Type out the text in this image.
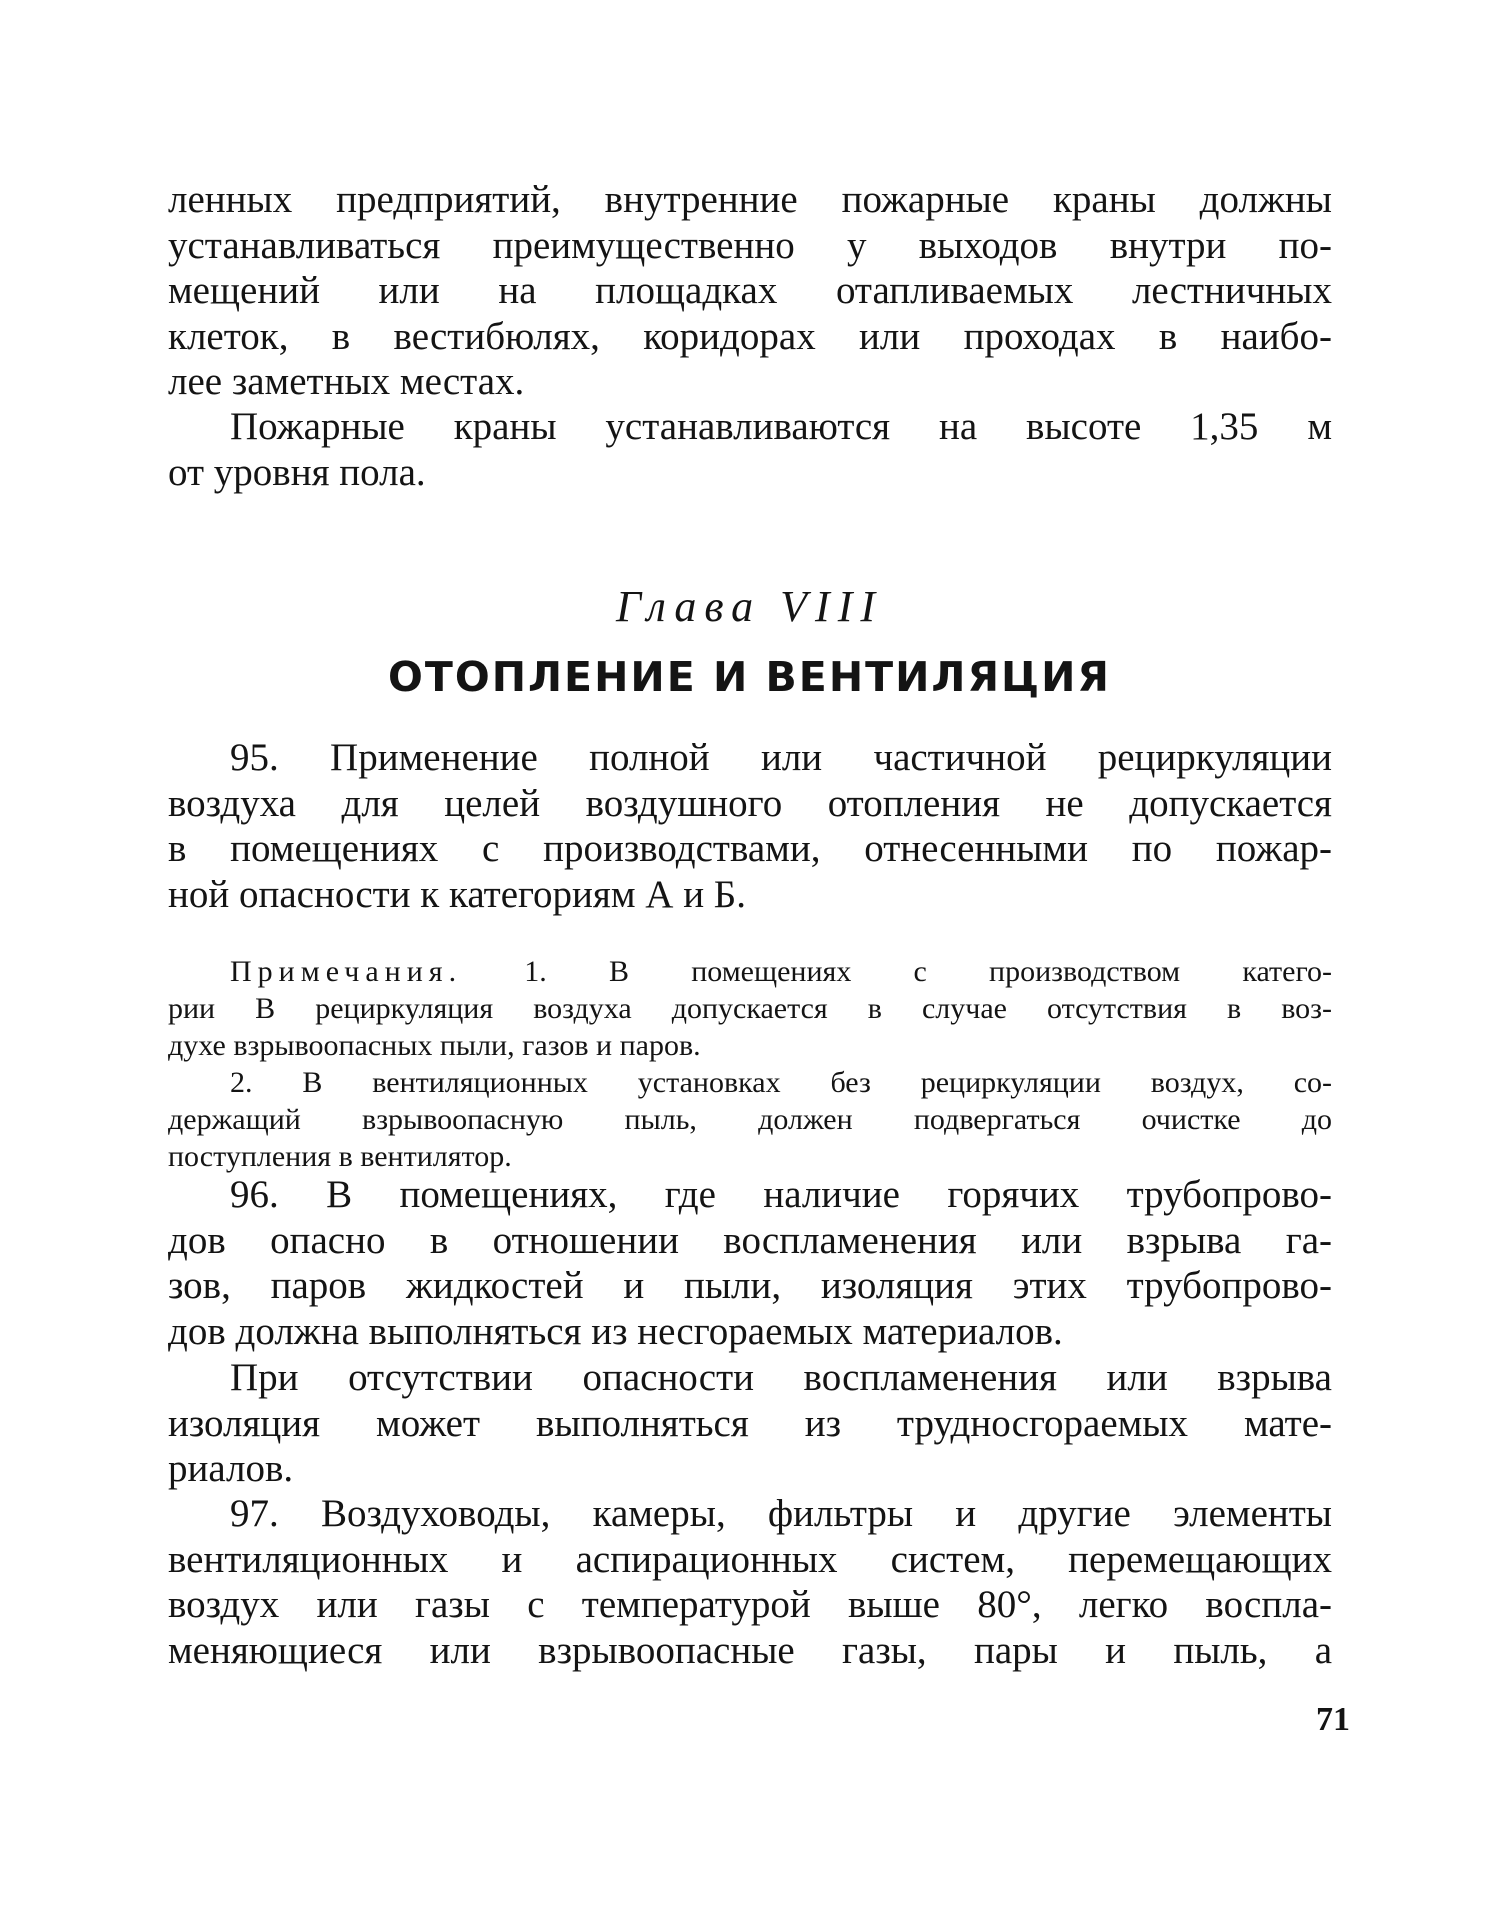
ленных предприятий, внутренние пожарные краны должны
устанавливаться преимущественно у выходов внутри по-
мещений или на площадках отапливаемых лестничных
клеток, в вестибюлях, коридорах или проходах в наибо-
лее заметных местах.
Пожарные краны устанавливаются на высоте 1,35 м
от уровня пола.

Глава VIII

ОТОПЛЕНИЕ И ВЕНТИЛЯЦИЯ

95. Применение полной или частичной рециркуляции
воздуха для целей воздушного отопления не допускается
в помещениях с производствами, отнесенными по пожар-
ной опасности к категориям А и Б.
Примечания. 1. В помещениях с производством катего-
рии В рециркуляция воздуха допускается в случае отсутствия в воз-
духе взрывоопасных пыли, газов и паров.
2. В вентиляционных установках без рециркуляции воздух, со-
держащий взрывоопасную пыль, должен подвергаться очистке до
поступления в вентилятор.
96. В помещениях, где наличие горячих трубопрово-
дов опасно в отношении воспламенения или взрыва га-
зов, паров жидкостей и пыли, изоляция этих трубопрово-
дов должна выполняться из несгораемых материалов.
При отсутствии опасности воспламенения или взрыва
изоляция может выполняться из трудносгораемых мате-
риалов.
97. Воздуховоды, камеры, фильтры и другие элементы
вентиляционных и аспирационных систем, перемещающих
воздух или газы с температурой выше 80°, легко воспла-
меняющиеся или взрывоопасные газы, пары и пыль, а

71
